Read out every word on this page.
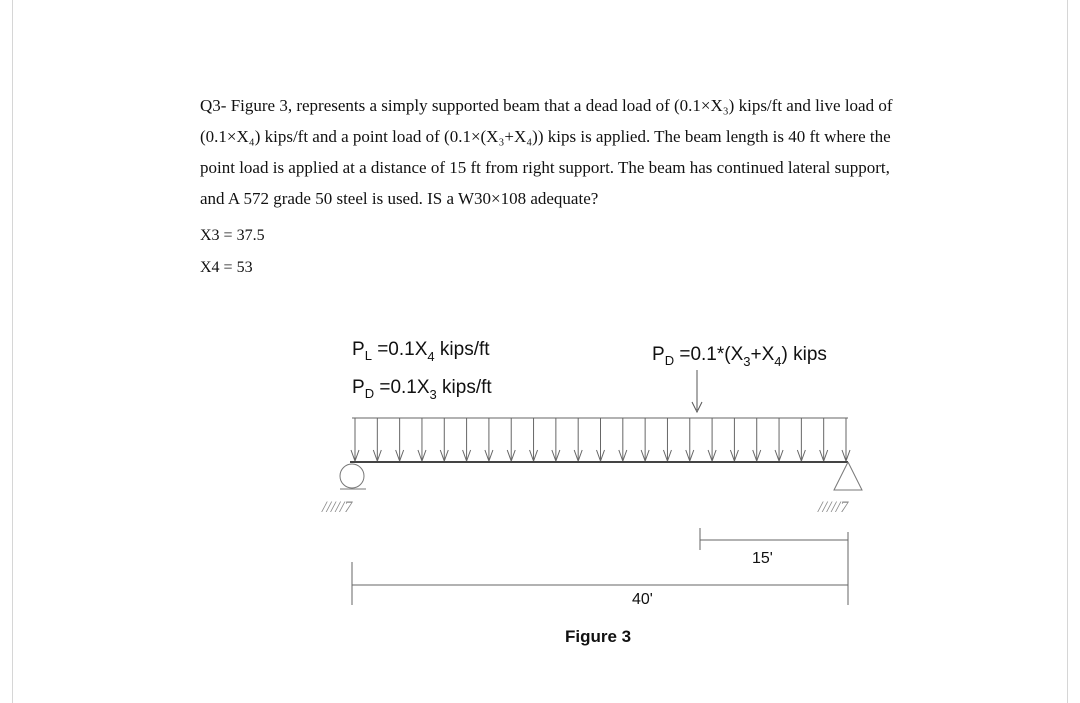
Q3- Figure 3, represents a simply supported beam that a dead load of (0.1×X₃) kips/ft and live load of

(0.1×X₄) kips/ft and a point load of (0.1×(X₃+X₄)) kips is applied. The beam length is 40 ft where the

point load is applied at a distance of 15 ft from right support. The beam has continued lateral support,

and A 572 grade 50 steel is used. IS a W30×108 adequate?

X3 = 37.5
X4 = 53
$P_L =0.1X_4$ kips/ft
$P_D =0.1X_3$ kips/ft
$P_D =0.1*(X_3+X_4)$ kips
/////7	/////7
15'
40'
Figure 3
